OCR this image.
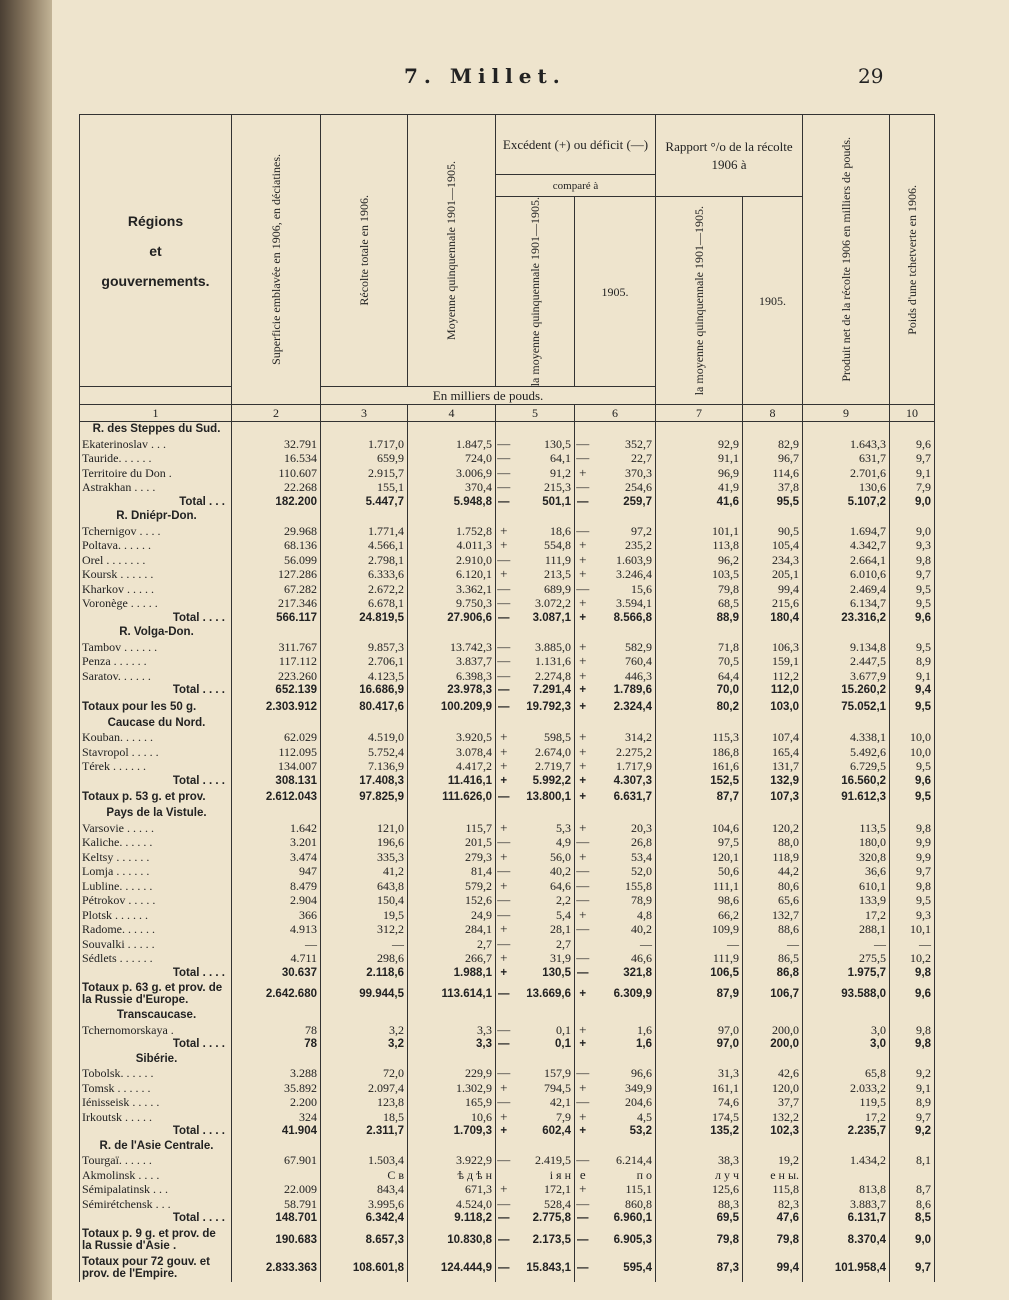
7. Millet.	29
Régions
et
gouvernements.	Superficie emblavée en 1906, en déciatines.	Récolte totale en 1906.	Moyenne quinquennale 1901—1905.	Excédent (+) ou déficit (—)				Rapport °/o de la récolte 1906 à		Produit net de la récolte 1906 en milliers de pouds.	Poids d'une tchetverte en 1906.

				comparé à							

				la moyenne quinquennale 1901—1905.		1905.		la moyenne quinquennale 1901—1905.	1905.		
		En milliers de pouds.									
1	2	3	4	5		6		7	8	9	10
R. des Steppes du Sud.											
Ekaterinoslav . . .	32.791	1.717,0	1.847,5	—	130,5	—	352,7	92,9	82,9	1.643,3	9,6
Tauride. . . . . .	16.534	659,9	724,0	—	64,1	—	22,7	91,1	96,7	631,7	9,7
Territoire du Don .	110.607	2.915,7	3.006,9	—	91,2	+	370,3	96,9	114,6	2.701,6	9,1
Astrakhan . . . .	22.268	155,1	370,4	—	215,3	—	254,6	41,9	37,8	130,6	7,9
Total . . .	182.200	5.447,7	5.948,8	—	501,1	—	259,7	41,6	95,5	5.107,2	9,0
R. Dniépr-Don.											
Tchernigov . . . .	29.968	1.771,4	1.752,8	+	18,6	—	97,2	101,1	90,5	1.694,7	9,0
Poltava. . . . . .	68.136	4.566,1	4.011,3	+	554,8	+	235,2	113,8	105,4	4.342,7	9,3
Orel . . . . . . .	56.099	2.798,1	2.910,0	—	111,9	+	1.603,9	96,2	234,3	2.664,1	9,8
Koursk . . . . . .	127.286	6.333,6	6.120,1	+	213,5	+	3.246,4	103,5	205,1	6.010,6	9,7
Kharkov . . . . .	67.282	2.672,2	3.362,1	—	689,9	—	15,6	79,8	99,4	2.469,4	9,5
Voronège . . . . .	217.346	6.678,1	9.750,3	—	3.072,2	+	3.594,1	68,5	215,6	6.134,7	9,5
Total . . . .	566.117	24.819,5	27.906,6	—	3.087,1	+	8.566,8	88,9	180,4	23.316,2	9,6
R. Volga-Don.											
Tambov . . . . . .	311.767	9.857,3	13.742,3	—	3.885,0	+	582,9	71,8	106,3	9.134,8	9,5
Penza . . . . . .	117.112	2.706,1	3.837,7	—	1.131,6	+	760,4	70,5	159,1	2.447,5	8,9
Saratov. . . . . .	223.260	4.123,5	6.398,3	—	2.274,8	+	446,3	64,4	112,2	3.677,9	9,1
Total . . . .	652.139	16.686,9	23.978,3	—	7.291,4	+	1.789,6	70,0	112,0	15.260,2	9,4
Totaux pour les 50 g.	2.303.912	80.417,6	100.209,9	—	19.792,3	+	2.324,4	80,2	103,0	75.052,1	9,5
Caucase du Nord.											
Kouban. . . . . .	62.029	4.519,0	3.920,5	+	598,5	+	314,2	115,3	107,4	4.338,1	10,0
Stavropol . . . . .	112.095	5.752,4	3.078,4	+	2.674,0	+	2.275,2	186,8	165,4	5.492,6	10,0
Térek . . . . . .	134.007	7.136,9	4.417,2	+	2.719,7	+	1.717,9	161,6	131,7	6.729,5	9,5
Total . . . .	308.131	17.408,3	11.416,1	+	5.992,2	+	4.307,3	152,5	132,9	16.560,2	9,6
Totaux p. 53 g. et prov.	2.612.043	97.825,9	111.626,0	—	13.800,1	+	6.631,7	87,7	107,3	91.612,3	9,5
Pays de la Vistule.											
Varsovie . . . . .	1.642	121,0	115,7	+	5,3	+	20,3	104,6	120,2	113,5	9,8
Kaliche. . . . . .	3.201	196,6	201,5	—	4,9	—	26,8	97,5	88,0	180,0	9,9
Keltsy . . . . . .	3.474	335,3	279,3	+	56,0	+	53,4	120,1	118,9	320,8	9,9
Lomja . . . . . .	947	41,2	81,4	—	40,2	—	52,0	50,6	44,2	36,6	9,7
Lubline. . . . . .	8.479	643,8	579,2	+	64,6	—	155,8	111,1	80,6	610,1	9,8
Pétrokov . . . . .	2.904	150,4	152,6	—	2,2	—	78,9	98,6	65,6	133,9	9,5
Plotsk . . . . . .	366	19,5	24,9	—	5,4	+	4,8	66,2	132,7	17,2	9,3
Radome. . . . . .	4.913	312,2	284,1	+	28,1	—	40,2	109,9	88,6	288,1	10,1
Souvalki . . . . .	—	—	2,7	—	2,7		—	—	—	—	—
Sédlets . . . . . .	4.711	298,6	266,7	+	31,9	—	46,6	111,9	86,5	275,5	10,2
Total . . . .	30.637	2.118,6	1.988,1	+	130,5	—	321,8	106,5	86,8	1.975,7	9,8
Totaux p. 63 g. et prov. de la Russie d'Europe.	2.642.680	99.944,5	113.614,1	—	13.669,6	+	6.309,9	87,9	106,7	93.588,0	9,6
Transcaucase.											
Tchernomorskaya .	78	3,2	3,3	—	0,1	+	1,6	97,0	200,0	3,0	9,8
Total . . . .	78	3,2	3,3	—	0,1	+	1,6	97,0	200,0	3,0	9,8
Sibérie.											
Tobolsk. . . . . .	3.288	72,0	229,9	—	157,9	—	96,6	31,3	42,6	65,8	9,2
Tomsk . . . . . .	35.892	2.097,4	1.302,9	+	794,5	+	349,9	161,1	120,0	2.033,2	9,1
Iénisseisk . . . . .	2.200	123,8	165,9	—	42,1	—	204,6	74,6	37,7	119,5	8,9
Irkoutsk . . . . .	324	18,5	10,6	+	7,9	+	4,5	174,5	132,2	17,2	9,7
Total . . . .	41.904	2.311,7	1.709,3	+	602,4	+	53,2	135,2	102,3	2.235,7	9,2
R. de l'Asie Centrale.											
Tourgaï. . . . . .	67.901	1.503,4	3.922,9	—	2.419,5	—	6.214,4	38,3	19,2	1.434,2	8,1
Akmolinsk . . . .		С в	ѣ д ѣ н		і я н	е	п о	л у ч	е н ы.		
Sémipalatinsk . . .	22.009	843,4	671,3	+	172,1	+	115,1	125,6	115,8	813,8	8,7
Sémirétchensk . . .	58.791	3.995,6	4.524,0	—	528,4	—	860,8	88,3	82,3	3.883,7	8,6
Total . . . .	148.701	6.342,4	9.118,2	—	2.775,8	—	6.960,1	69,5	47,6	6.131,7	8,5
Totaux p. 9 g. et prov. de la Russie d'Asie .	190.683	8.657,3	10.830,8	—	2.173,5	—	6.905,3	79,8	79,8	8.370,4	9,0
Totaux pour 72 gouv. et prov. de l'Empire.	2.833.363	108.601,8	124.444,9	—	15.843,1	—	595,4	87,3	99,4	101.958,4	9,7
